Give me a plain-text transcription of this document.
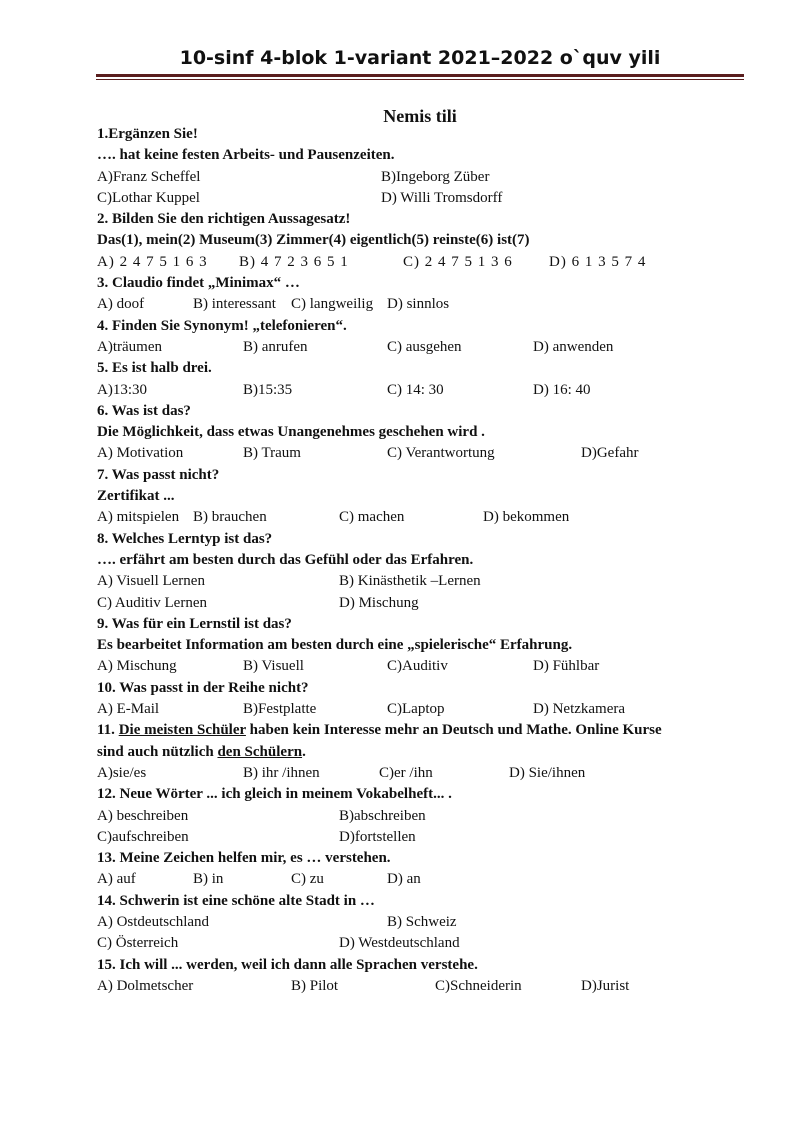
10-sinf 4-blok 1-variant 2021–2022 o`quv yili
Nemis tili
1.Ergänzen Sie!
…. hat keine festen Arbeits- und Pausenzeiten.
A)Franz Scheffel	B)Ingeborg Züber
C)Lothar Kuppel	D) Willi Tromsdorff
2. Bilden Sie den richtigen Aussagesatz!
Das(1), mein(2) Museum(3) Zimmer(4) eigentlich(5) reinste(6) ist(7)
A) 2 4 7 5 1 6 3 B) 4 7 2 3 6 5 1	C) 2 4 7 5 1 3 6 D) 6 1 3 5 7 4
3. Claudio findet „Minimax“ …
A) doof	B) interessant C) langweilig D) sinnlos
4. Finden Sie Synonym! „telefonieren“.
A)träumen	B) anrufen	C) ausgehen	D) anwenden
5. Es ist halb drei.
A)13:30	B)15:35	C) 14: 30	D) 16: 40
6. Was ist das?
Die Möglichkeit, dass etwas Unangenehmes geschehen wird .
A) Motivation	B) Traum	C) Verantwortung	D)Gefahr
7. Was passt nicht?
Zertifikat ...
A) mitspielen B) brauchen	C) machen	D) bekommen
8. Welches Lerntyp ist das?
…. erfährt am besten durch das Gefühl oder das Erfahren.
A) Visuell Lernen	B) Kinästhetik –Lernen
C) Auditiv Lernen	D) Mischung
9. Was für ein Lernstil ist das?
Es bearbeitet Information am besten durch eine „spielerische“ Erfahrung.
A) Mischung	B) Visuell	C)Auditiv	D) Fühlbar
10. Was passt in der Reihe nicht?
A) E-Mail	B)Festplatte	C)Laptop	D) Netzkamera
11. Die meisten Schüler haben kein Interesse mehr an Deutsch und Mathe. Online Kurse
sind auch nützlich den Schülern.
A)sie/es	B) ihr /ihnen	C)er /ihn	D) Sie/ihnen
12. Neue Wörter ... ich gleich in meinem Vokabelheft... .
A) beschreiben	B)abschreiben
C)aufschreiben	D)fortstellen
13. Meine Zeichen helfen mir, es … verstehen.
A) auf	B) in	C) zu	D) an
14. Schwerin ist eine schöne alte Stadt in …
A) Ostdeutschland	B) Schweiz
C) Österreich	D) Westdeutschland
15. Ich will ... werden, weil ich dann alle Sprachen verstehe.
A) Dolmetscher	B) Pilot	C)Schneiderin	D)Jurist
